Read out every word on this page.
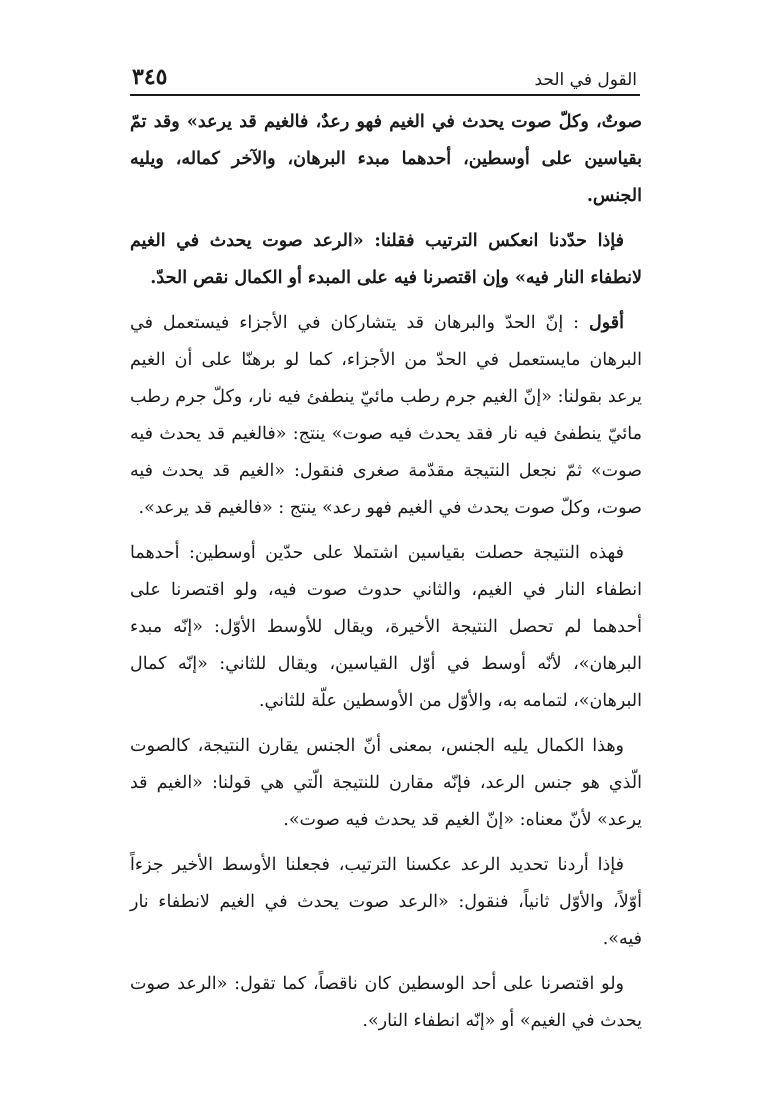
القول في الحد
٣٤٥

صوتٌ، وكلّ صوت يحدث في الغيم فهو رعدٌ، فالغيم قد يرعد» وقد تمّ بقياسين على أوسطين، أحدهما مبدء البرهان، والآخر كماله، ويليه الجنس.

فإذا حدّدنا انعكس الترتيب فقلنا: «الرعد صوت يحدث في الغيم لانطفاء النار فيه» وإن اقتصرنا فيه على المبدء أو الكمال نقص الحدّ.

أقول : إنّ الحدّ والبرهان قد يتشاركان في الأجزاء فيستعمل في البرهان مايستعمل في الحدّ من الأجزاء، كما لو برهنّا على أن الغيم يرعد بقولنا: «إنّ الغيم جرم رطب مائيّ ينطفئ فيه نار، وكلّ جرم رطب مائيّ ينطفئ فيه نار فقد يحدث فيه صوت» ينتج: «فالغيم قد يحدث فيه صوت» ثمّ نجعل النتيجة مقدّمة صغرى فنقول: «الغيم قد يحدث فيه صوت، وكلّ صوت يحدث في الغيم فهو رعد» ينتج : «فالغيم قد يرعد».

فهذه النتيجة حصلت بقياسين اشتملا على حدّين أوسطين: أحدهما انطفاء النار في الغيم، والثاني حدوث صوت فيه، ولو اقتصرنا على أحدهما لم تحصل النتيجة الأخيرة، ويقال للأوسط الأوّل: «إنّه مبدء البرهان»، لأنّه أوسط في أوّل القياسين، ويقال للثاني: «إنّه كمال البرهان»، لتمامه به، والأوّل من الأوسطين علّة للثاني.

وهذا الكمال يليه الجنس، بمعنى أنّ الجنس يقارن النتيجة، كالصوت الّذي هو جنس الرعد، فإنّه مقارن للنتيجة الّتي هي قولنا: «الغيم قد يرعد» لأنّ معناه: «إنّ الغيم قد يحدث فيه صوت».

فإذا أردنا تحديد الرعد عكسنا الترتيب، فجعلنا الأوسط الأخير جزءاً أوّلاً، والأوّل ثانياً، فنقول: «الرعد صوت يحدث في الغيم لانطفاء نار فيه».

ولو اقتصرنا على أحد الوسطين كان ناقصاً، كما تقول: «الرعد صوت يحدث في الغيم» أو «إنّه انطفاء النار».
